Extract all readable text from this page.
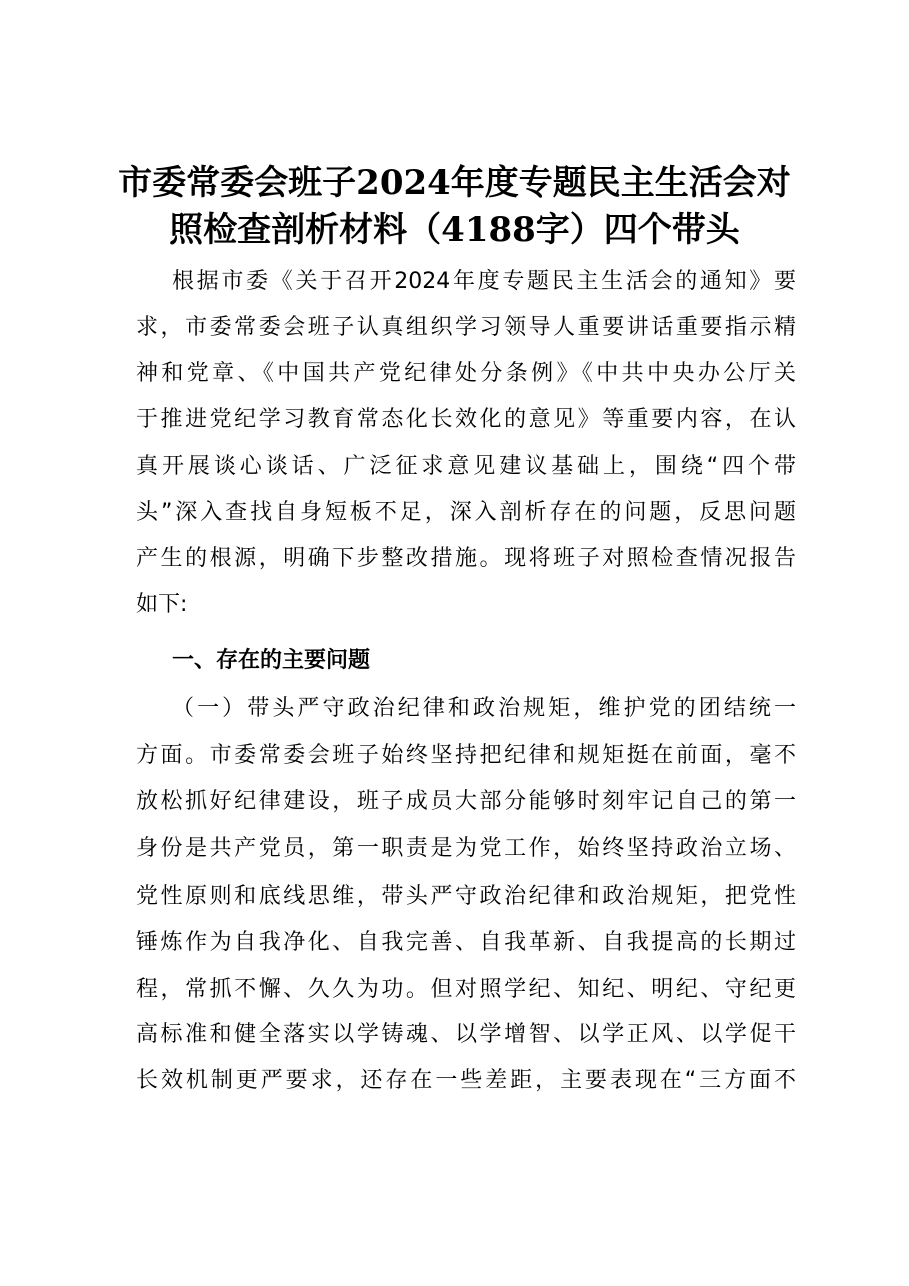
市委常委会班子2024年度专题民主生活会对
照检查剖析材料（4188字）四个带头
根据市委《关于召开2024年度专题民主生活会的通知》要
求，市委常委会班子认真组织学习领导人重要讲话重要指示精
神和党章、《中国共产党纪律处分条例》《中共中央办公厅关
于推进党纪学习教育常态化长效化的意见》等重要内容，在认
真开展谈心谈话、广泛征求意见建议基础上，围绕“四个带
头”深入查找自身短板不足，深入剖析存在的问题，反思问题
产生的根源，明确下步整改措施。现将班子对照检查情况报告
如下:
一、存在的主要问题
（一）带头严守政治纪律和政治规矩，维护党的团结统一
方面。市委常委会班子始终坚持把纪律和规矩挺在前面，毫不
放松抓好纪律建设，班子成员大部分能够时刻牢记自己的第一
身份是共产党员，第一职责是为党工作，始终坚持政治立场、
党性原则和底线思维，带头严守政治纪律和政治规矩，把党性
锤炼作为自我净化、自我完善、自我革新、自我提高的长期过
程，常抓不懈、久久为功。但对照学纪、知纪、明纪、守纪更
高标准和健全落实以学铸魂、以学增智、以学正风、以学促干
长效机制更严要求，还存在一些差距，主要表现在“三方面不
